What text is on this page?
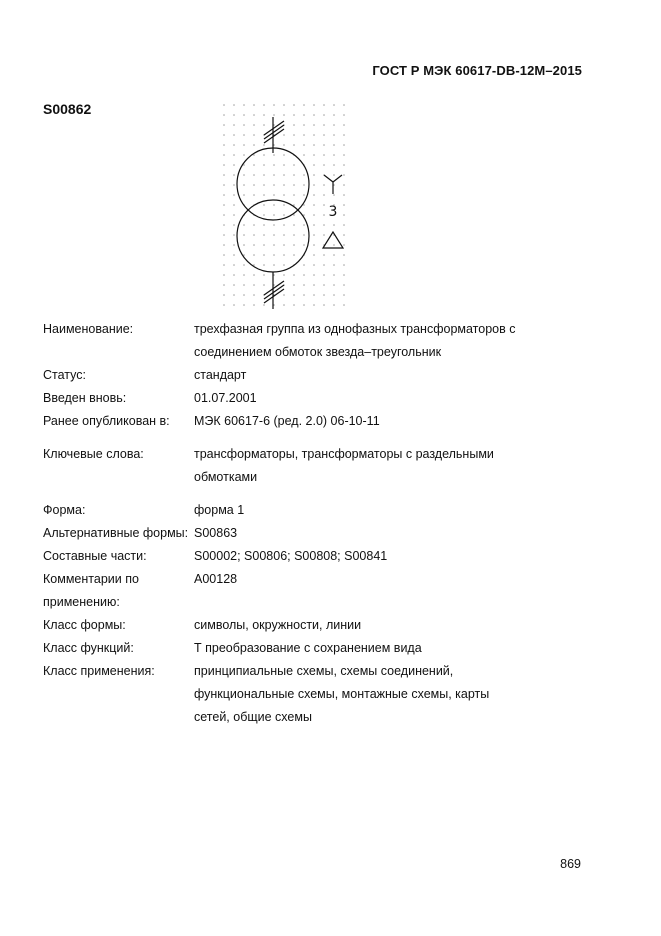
ГОСТ Р МЭК 60617-DB-12M–2015
S00862
3
Наименование:	трехфазная группа из однофазных трансформаторов с
соединением обмоток звезда–треугольник
Статус:	стандарт
Введен вновь:	01.07.2001
Ранее опубликован в:	МЭК 60617-6 (ред. 2.0) 06-10-11
Ключевые слова:	трансформаторы, трансформаторы с раздельными
обмотками
Форма:	форма 1
Альтернативные формы: S00863
Составные части:	S00002; S00806; S00808; S00841
Комментарии по применению:
A00128
Класс формы:	символы, окружности, линии
Класс функций:	Т преобразование с сохранением вида
Класс применения:	принципиальные схемы, схемы соединений,
функциональные схемы, монтажные схемы, карты
сетей, общие схемы
869
